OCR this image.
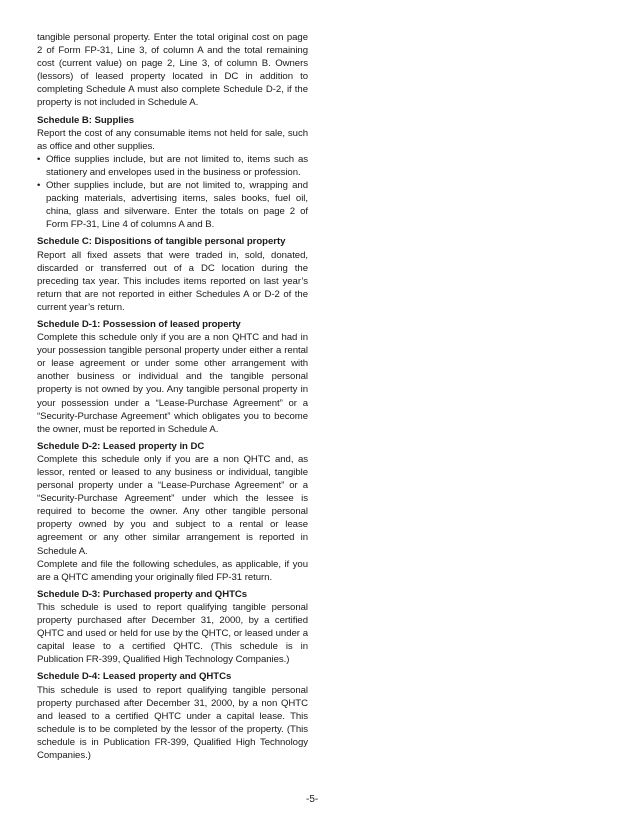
tangible personal property. Enter the total original cost on page 2 of Form FP-31, Line 3, of column A and the total remaining cost (current value) on page 2, Line 3, of column B. Owners (lessors) of leased property located in DC in addition to completing Schedule A must also complete Schedule D-2, if the property is not included in Schedule A.

Schedule B: Supplies

Report the cost of any consumable items not held for sale, such as office and other supplies.

• Office supplies include, but are not limited to, items such as stationery and envelopes used in the business or profession.
• Other supplies include, but are not limited to, wrapping and packing materials, advertising items, sales books, fuel oil, china, glass and silverware. Enter the totals on page 2 of Form FP-31, Line 4 of columns A and B.

Schedule C: Dispositions of tangible personal property

Report all fixed assets that were traded in, sold, donated, discarded or transferred out of a DC location during the preceding tax year. This includes items reported on last year’s return that are not reported in either Schedules A or D-2 of the current year’s return.

Schedule D-1: Possession of leased property

Complete this schedule only if you are a non QHTC and had in your possession tangible personal property under either a rental or lease agreement or under some other arrangement with another business or individual and the tangible personal property is not owned by you. Any tangible personal property in your possession under a “Lease-Purchase Agreement” or a “Security-Purchase Agreement” which obligates you to become the owner, must be reported in Schedule A.

Schedule D-2: Leased property in DC

Complete this schedule only if you are a non QHTC and, as lessor, rented or leased to any business or individual, tangible personal property under a “Lease-Purchase Agreement” or a “Security-Purchase Agreement” under which the lessee is required to become the owner. Any other tangible personal property owned by you and subject to a rental or lease agreement or any other similar arrangement is reported in Schedule A.

Complete and file the following schedules, as applicable, if you are a QHTC amending your originally filed FP-31 return.

Schedule D-3: Purchased property and QHTCs

This schedule is used to report qualifying tangible personal property purchased after December 31, 2000, by a certified QHTC and used or held for use by the QHTC, or leased under a capital lease to a certified QHTC. (This schedule is in Publication FR-399, Qualified High Technology Companies.)

Schedule D-4: Leased property and QHTCs

This schedule is used to report qualifying tangible personal property purchased after December 31, 2000, by a non QHTC and leased to a certified QHTC under a capital lease. This schedule is to be completed by the lessor of the property. (This schedule is in Publication FR-399, Qualified High Technology Companies.)

-5-
